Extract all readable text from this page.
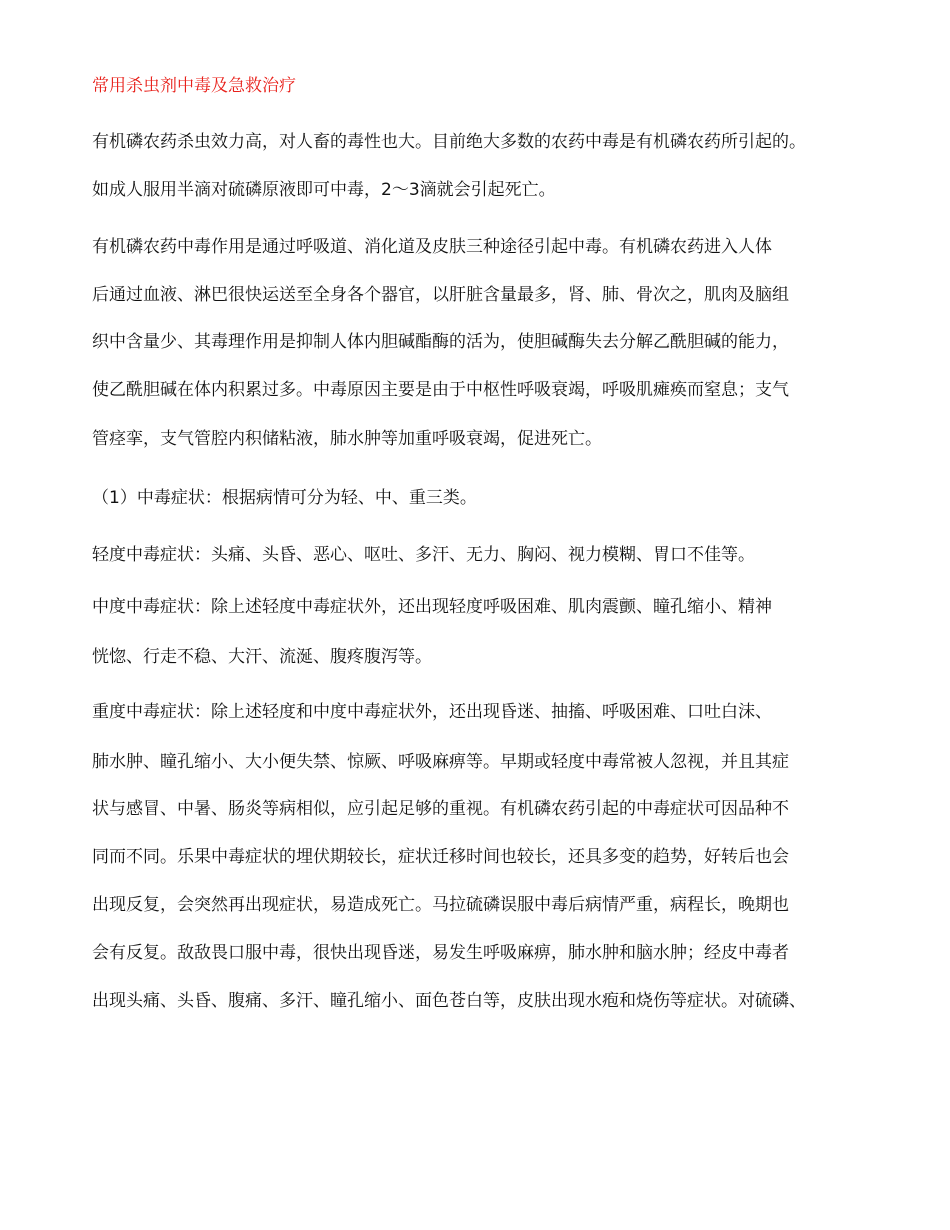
常用杀虫剂中毒及急救治疗
有机磷农药杀虫效力高，对人畜的毒性也大。目前绝大多数的农药中毒是有机磷农药所引起的。
如成人服用半滴对硫磷原液即可中毒，2～3滴就会引起死亡。
有机磷农药中毒作用是通过呼吸道、消化道及皮肤三种途径引起中毒。有机磷农药进入人体
后通过血液、淋巴很快运送至全身各个器官，以肝脏含量最多，肾、肺、骨次之，肌肉及脑组
织中含量少、其毒理作用是抑制人体内胆碱酯酶的活为，使胆碱酶失去分解乙酰胆碱的能力，
使乙酰胆碱在体内积累过多。中毒原因主要是由于中枢性呼吸衰竭，呼吸肌瘫痪而窒息；支气
管痉挛，支气管腔内积储粘液，肺水肿等加重呼吸衰竭，促进死亡。
（1）中毒症状：根据病情可分为轻、中、重三类。
轻度中毒症状：头痛、头昏、恶心、呕吐、多汗、无力、胸闷、视力模糊、胃口不佳等。
中度中毒症状：除上述轻度中毒症状外，还出现轻度呼吸困难、肌肉震颤、瞳孔缩小、精神
恍惚、行走不稳、大汗、流涎、腹疼腹泻等。
重度中毒症状：除上述轻度和中度中毒症状外，还出现昏迷、抽搐、呼吸困难、口吐白沫、
肺水肿、瞳孔缩小、大小便失禁、惊厥、呼吸麻痹等。早期或轻度中毒常被人忽视，并且其症
状与感冒、中暑、肠炎等病相似，应引起足够的重视。有机磷农药引起的中毒症状可因品种不
同而不同。乐果中毒症状的埋伏期较长，症状迁移时间也较长，还具多变的趋势，好转后也会
出现反复，会突然再出现症状，易造成死亡。马拉硫磷误服中毒后病情严重，病程长，晚期也
会有反复。敌敌畏口服中毒，很快出现昏迷，易发生呼吸麻痹，肺水肿和脑水肿；经皮中毒者
出现头痛、头昏、腹痛、多汗、瞳孔缩小、面色苍白等，皮肤出现水疱和烧伤等症状。对硫磷、
